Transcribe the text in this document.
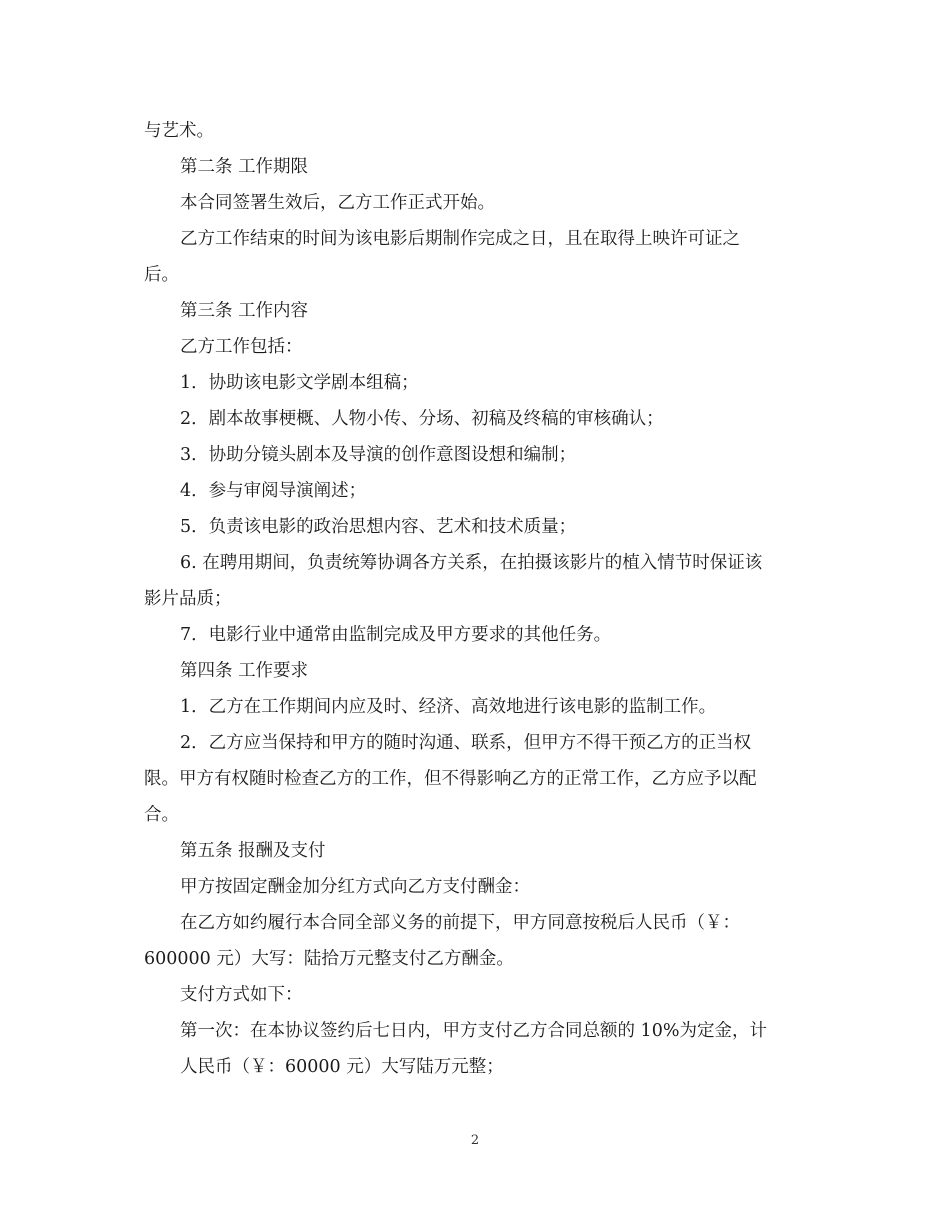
与艺术。
第二条 工作期限
本合同签署生效后，乙方工作正式开始。
乙方工作结束的时间为该电影后期制作完成之日，且在取得上映许可证之
后。
第三条 工作内容
乙方工作包括：
1．协助该电影文学剧本组稿；
2．剧本故事梗概、人物小传、分场、初稿及终稿的审核确认；
3．协助分镜头剧本及导演的创作意图设想和编制；
4．参与审阅导演阐述；
5．负责该电影的政治思想内容、艺术和技术质量；
6. 在聘用期间，负责统筹协调各方关系，在拍摄该影片的植入情节时保证该
影片品质；
7．电影行业中通常由监制完成及甲方要求的其他任务。
第四条 工作要求
1．乙方在工作期间内应及时、经济、高效地进行该电影的监制工作。
2．乙方应当保持和甲方的随时沟通、联系，但甲方不得干预乙方的正当权
限。甲方有权随时检查乙方的工作，但不得影响乙方的正常工作，乙方应予以配
合。
第五条 报酬及支付
甲方按固定酬金加分红方式向乙方支付酬金：
在乙方如约履行本合同全部义务的前提下，甲方同意按税后人民币（￥：
600000 元）大写：陆拾万元整支付乙方酬金。
支付方式如下：
第一次：在本协议签约后七日内，甲方支付乙方合同总额的 10%为定金，计
人民币（￥：60000 元）大写陆万元整；
2
